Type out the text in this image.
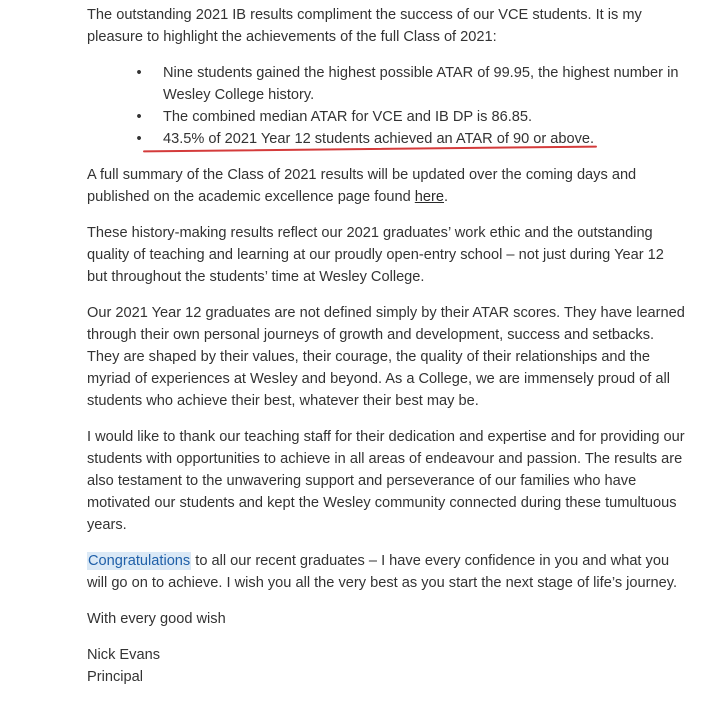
The outstanding 2021 IB results compliment the success of our VCE students. It is my pleasure to highlight the achievements of the full Class of 2021:

• Nine students gained the highest possible ATAR of 99.95, the highest number in Wesley College history.
• The combined median ATAR for VCE and IB DP is 86.85.
• 43.5% of 2021 Year 12 students achieved an ATAR of 90 or above.

A full summary of the Class of 2021 results will be updated over the coming days and published on the academic excellence page found here.

These history-making results reflect our 2021 graduates’ work ethic and the outstanding quality of teaching and learning at our proudly open-entry school – not just during Year 12 but throughout the students’ time at Wesley College.

Our 2021 Year 12 graduates are not defined simply by their ATAR scores. They have learned through their own personal journeys of growth and development, success and setbacks. They are shaped by their values, their courage, the quality of their relationships and the myriad of experiences at Wesley and beyond. As a College, we are immensely proud of all students who achieve their best, whatever their best may be.

I would like to thank our teaching staff for their dedication and expertise and for providing our students with opportunities to achieve in all areas of endeavour and passion. The results are also testament to the unwavering support and perseverance of our families who have motivated our students and kept the Wesley community connected during these tumultuous years.

Congratulations to all our recent graduates – I have every confidence in you and what you will go on to achieve. I wish you all the very best as you start the next stage of life’s journey.

With every good wish

Nick Evans

Principal
